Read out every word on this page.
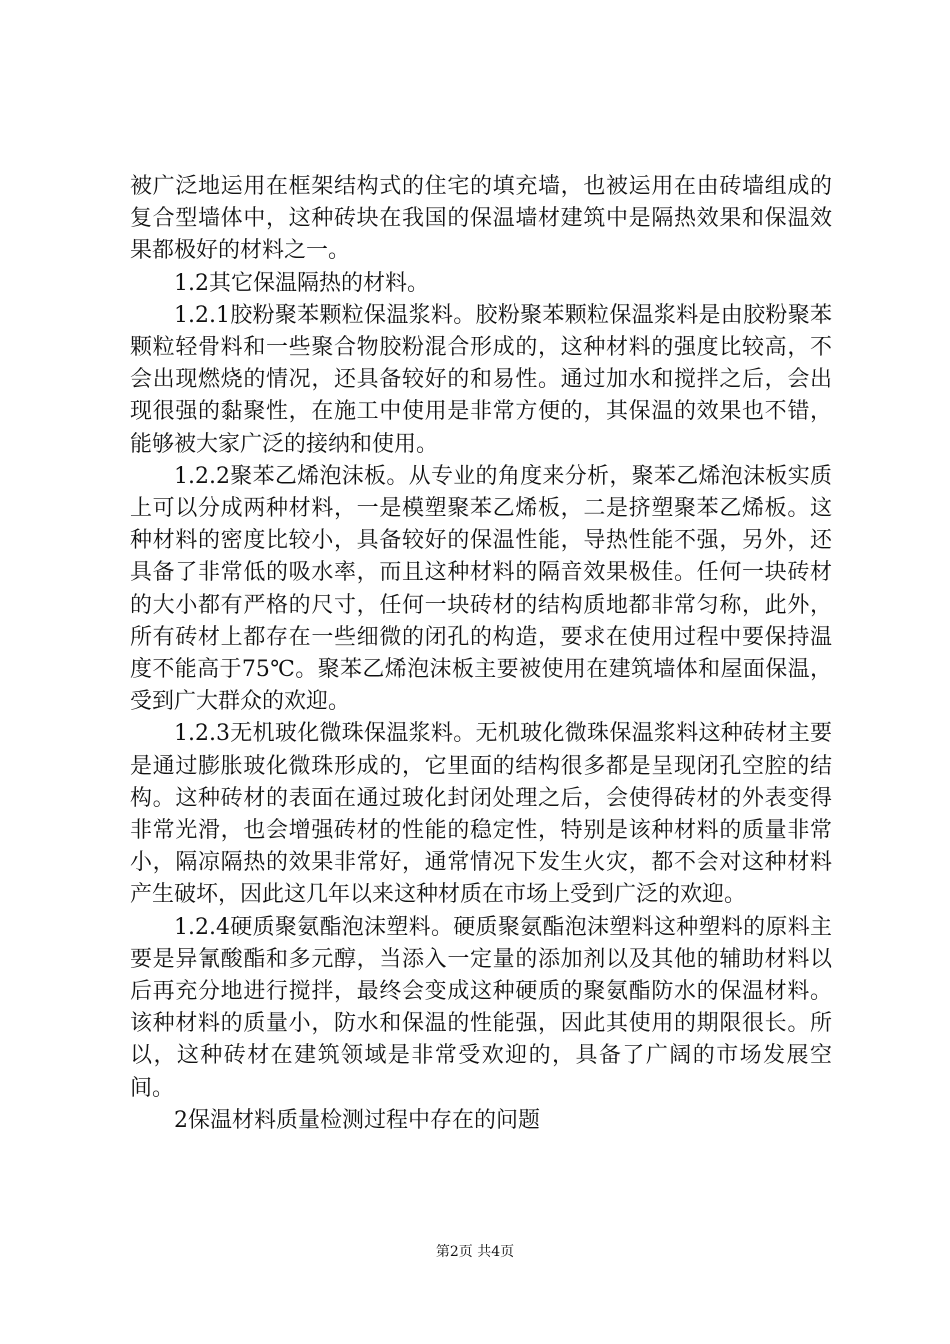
被广泛地运用在框架结构式的住宅的填充墙，也被运用在由砖墙组成的复合型墙体中，这种砖块在我国的保温墙材建筑中是隔热效果和保温效果都极好的材料之一。

1.2其它保温隔热的材料。

1.2.1胶粉聚苯颗粒保温浆料。胶粉聚苯颗粒保温浆料是由胶粉聚苯颗粒轻骨料和一些聚合物胶粉混合形成的，这种材料的强度比较高，不会出现燃烧的情况，还具备较好的和易性。通过加水和搅拌之后，会出现很强的黏聚性，在施工中使用是非常方便的，其保温的效果也不错，能够被大家广泛的接纳和使用。

1.2.2聚苯乙烯泡沫板。从专业的角度来分析，聚苯乙烯泡沫板实质上可以分成两种材料，一是模塑聚苯乙烯板，二是挤塑聚苯乙烯板。这种材料的密度比较小，具备较好的保温性能，导热性能不强，另外，还具备了非常低的吸水率，而且这种材料的隔音效果极佳。任何一块砖材的大小都有严格的尺寸，任何一块砖材的结构质地都非常匀称，此外，所有砖材上都存在一些细微的闭孔的构造，要求在使用过程中要保持温度不能高于75℃。聚苯乙烯泡沫板主要被使用在建筑墙体和屋面保温，受到广大群众的欢迎。

1.2.3无机玻化微珠保温浆料。无机玻化微珠保温浆料这种砖材主要是通过膨胀玻化微珠形成的，它里面的结构很多都是呈现闭孔空腔的结构。这种砖材的表面在通过玻化封闭处理之后，会使得砖材的外表变得非常光滑，也会增强砖材的性能的稳定性，特别是该种材料的质量非常小，隔凉隔热的效果非常好，通常情况下发生火灾，都不会对这种材料产生破坏，因此这几年以来这种材质在市场上受到广泛的欢迎。

1.2.4硬质聚氨酯泡沫塑料。硬质聚氨酯泡沫塑料这种塑料的原料主要是异氰酸酯和多元醇，当添入一定量的添加剂以及其他的辅助材料以后再充分地进行搅拌，最终会变成这种硬质的聚氨酯防水的保温材料。该种材料的质量小，防水和保温的性能强，因此其使用的期限很长。所以，这种砖材在建筑领域是非常受欢迎的，具备了广阔的市场发展空间。

2保温材料质量检测过程中存在的问题

第2页 共4页
